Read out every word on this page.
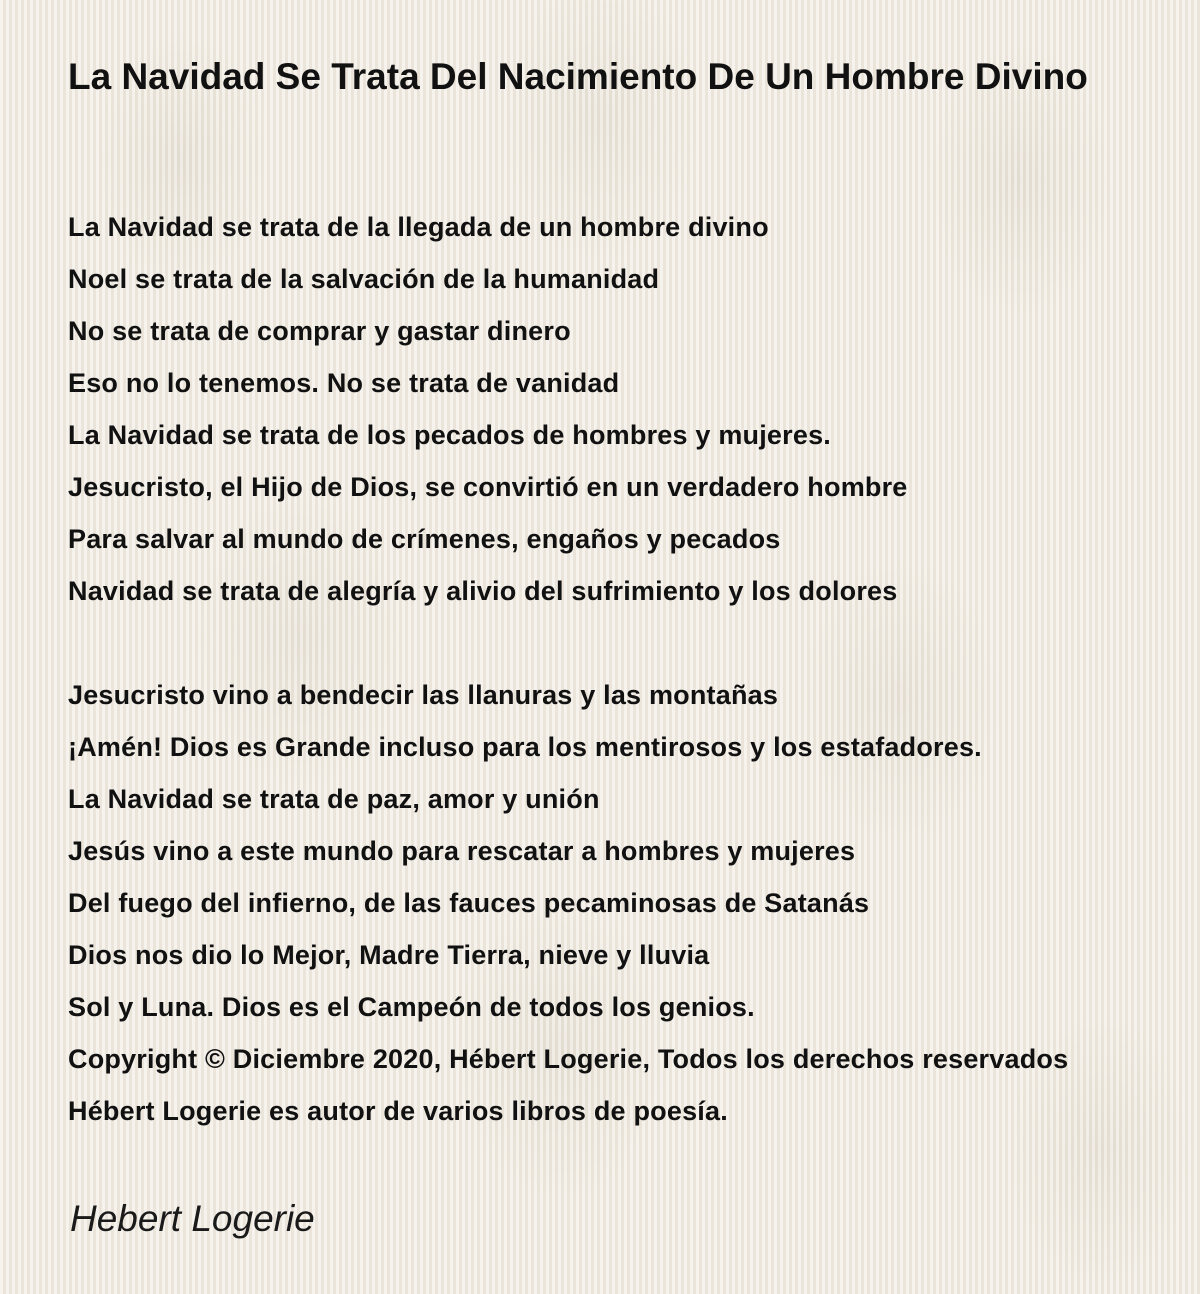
La Navidad Se Trata Del Nacimiento De Un Hombre Divino
La Navidad se trata de la llegada de un hombre divino
Noel se trata de la salvación de la humanidad
No se trata de comprar y gastar dinero
Eso no lo tenemos. No se trata de vanidad
La Navidad se trata de los pecados de hombres y mujeres.
Jesucristo, el Hijo de Dios, se convirtió en un verdadero hombre
Para salvar al mundo de crímenes, engaños y pecados
Navidad se trata de alegría y alivio del sufrimiento y los dolores
Jesucristo vino a bendecir las llanuras y las montañas
¡Amén! Dios es Grande incluso para los mentirosos y los estafadores.
La Navidad se trata de paz, amor y unión
Jesús vino a este mundo para rescatar a hombres y mujeres
Del fuego del infierno, de las fauces pecaminosas de Satanás
Dios nos dio lo Mejor, Madre Tierra, nieve y lluvia
Sol y Luna. Dios es el Campeón de todos los genios.
Copyright © Diciembre 2020, Hébert Logerie, Todos los derechos reservados
Hébert Logerie es autor de varios libros de poesía.
Hebert Logerie
